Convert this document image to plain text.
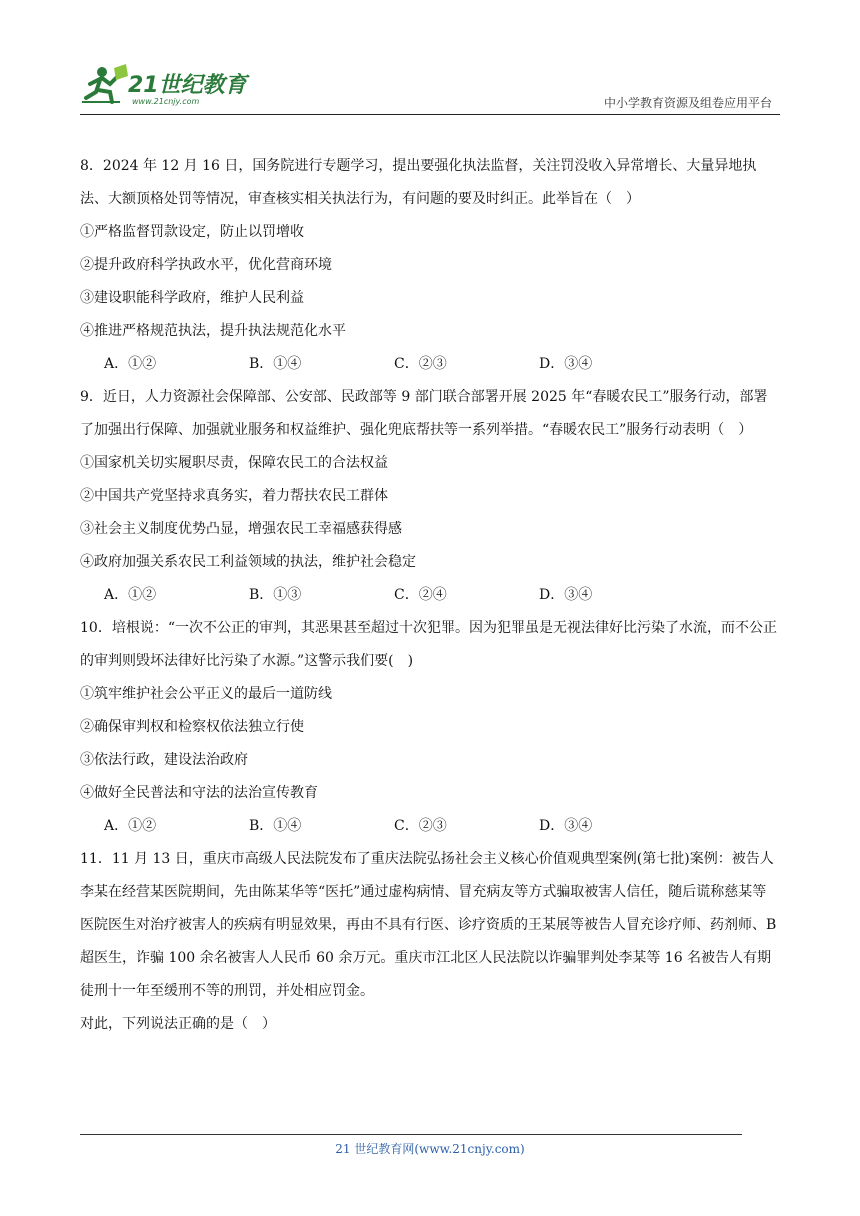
21世纪教育
www.21cnjy.com	中小学教育资源及组卷应用平台

8．2024 年 12 月 16 日，国务院进行专题学习，提出要强化执法监督，关注罚没收入异常增长、大量异地执法、大额顶格处罚等情况，审查核实相关执法行为，有问题的要及时纠正。此举旨在（　）

①严格监督罚款设定，防止以罚增收

②提升政府科学执政水平，优化营商环境

③建设职能科学政府，维护人民利益

④推进严格规范执法，提升执法规范化水平

A．①②	B．①④	C．②③	D．③④

9．近日，人力资源社会保障部、公安部、民政部等 9 部门联合部署开展 2025 年“春暖农民工”服务行动，部署了加强出行保障、加强就业服务和权益维护、强化兜底帮扶等一系列举措。“春暖农民工”服务行动表明（　）

①国家机关切实履职尽责，保障农民工的合法权益

②中国共产党坚持求真务实，着力帮扶农民工群体

③社会主义制度优势凸显，增强农民工幸福感获得感

④政府加强关系农民工利益领域的执法，维护社会稳定

A．①②	B．①③	C．②④	D．③④

10．培根说：“一次不公正的审判，其恶果甚至超过十次犯罪。因为犯罪虽是无视法律好比污染了水流，而不公正的审判则毁坏法律好比污染了水源。”这警示我们要(　)

①筑牢维护社会公平正义的最后一道防线

②确保审判权和检察权依法独立行使

③依法行政，建设法治政府

④做好全民普法和守法的法治宣传教育

A．①②	B．①④	C．②③	D．③④

11．11 月 13 日，重庆市高级人民法院发布了重庆法院弘扬社会主义核心价值观典型案例(第七批)案例：被告人李某在经营某医院期间，先由陈某华等“医托”通过虚构病情、冒充病友等方式骗取被害人信任，随后谎称慈某等医院医生对治疗被害人的疾病有明显效果，再由不具有行医、诊疗资质的王某展等被告人冒充诊疗师、药剂师、B 超医生，诈骗 100 余名被害人人民币 60 余万元。重庆市江北区人民法院以诈骗罪判处李某等 16 名被告人有期徒刑十一年至缓刑不等的刑罚，并处相应罚金。

对此，下列说法正确的是（　）

21 世纪教育网(www.21cnjy.com)
